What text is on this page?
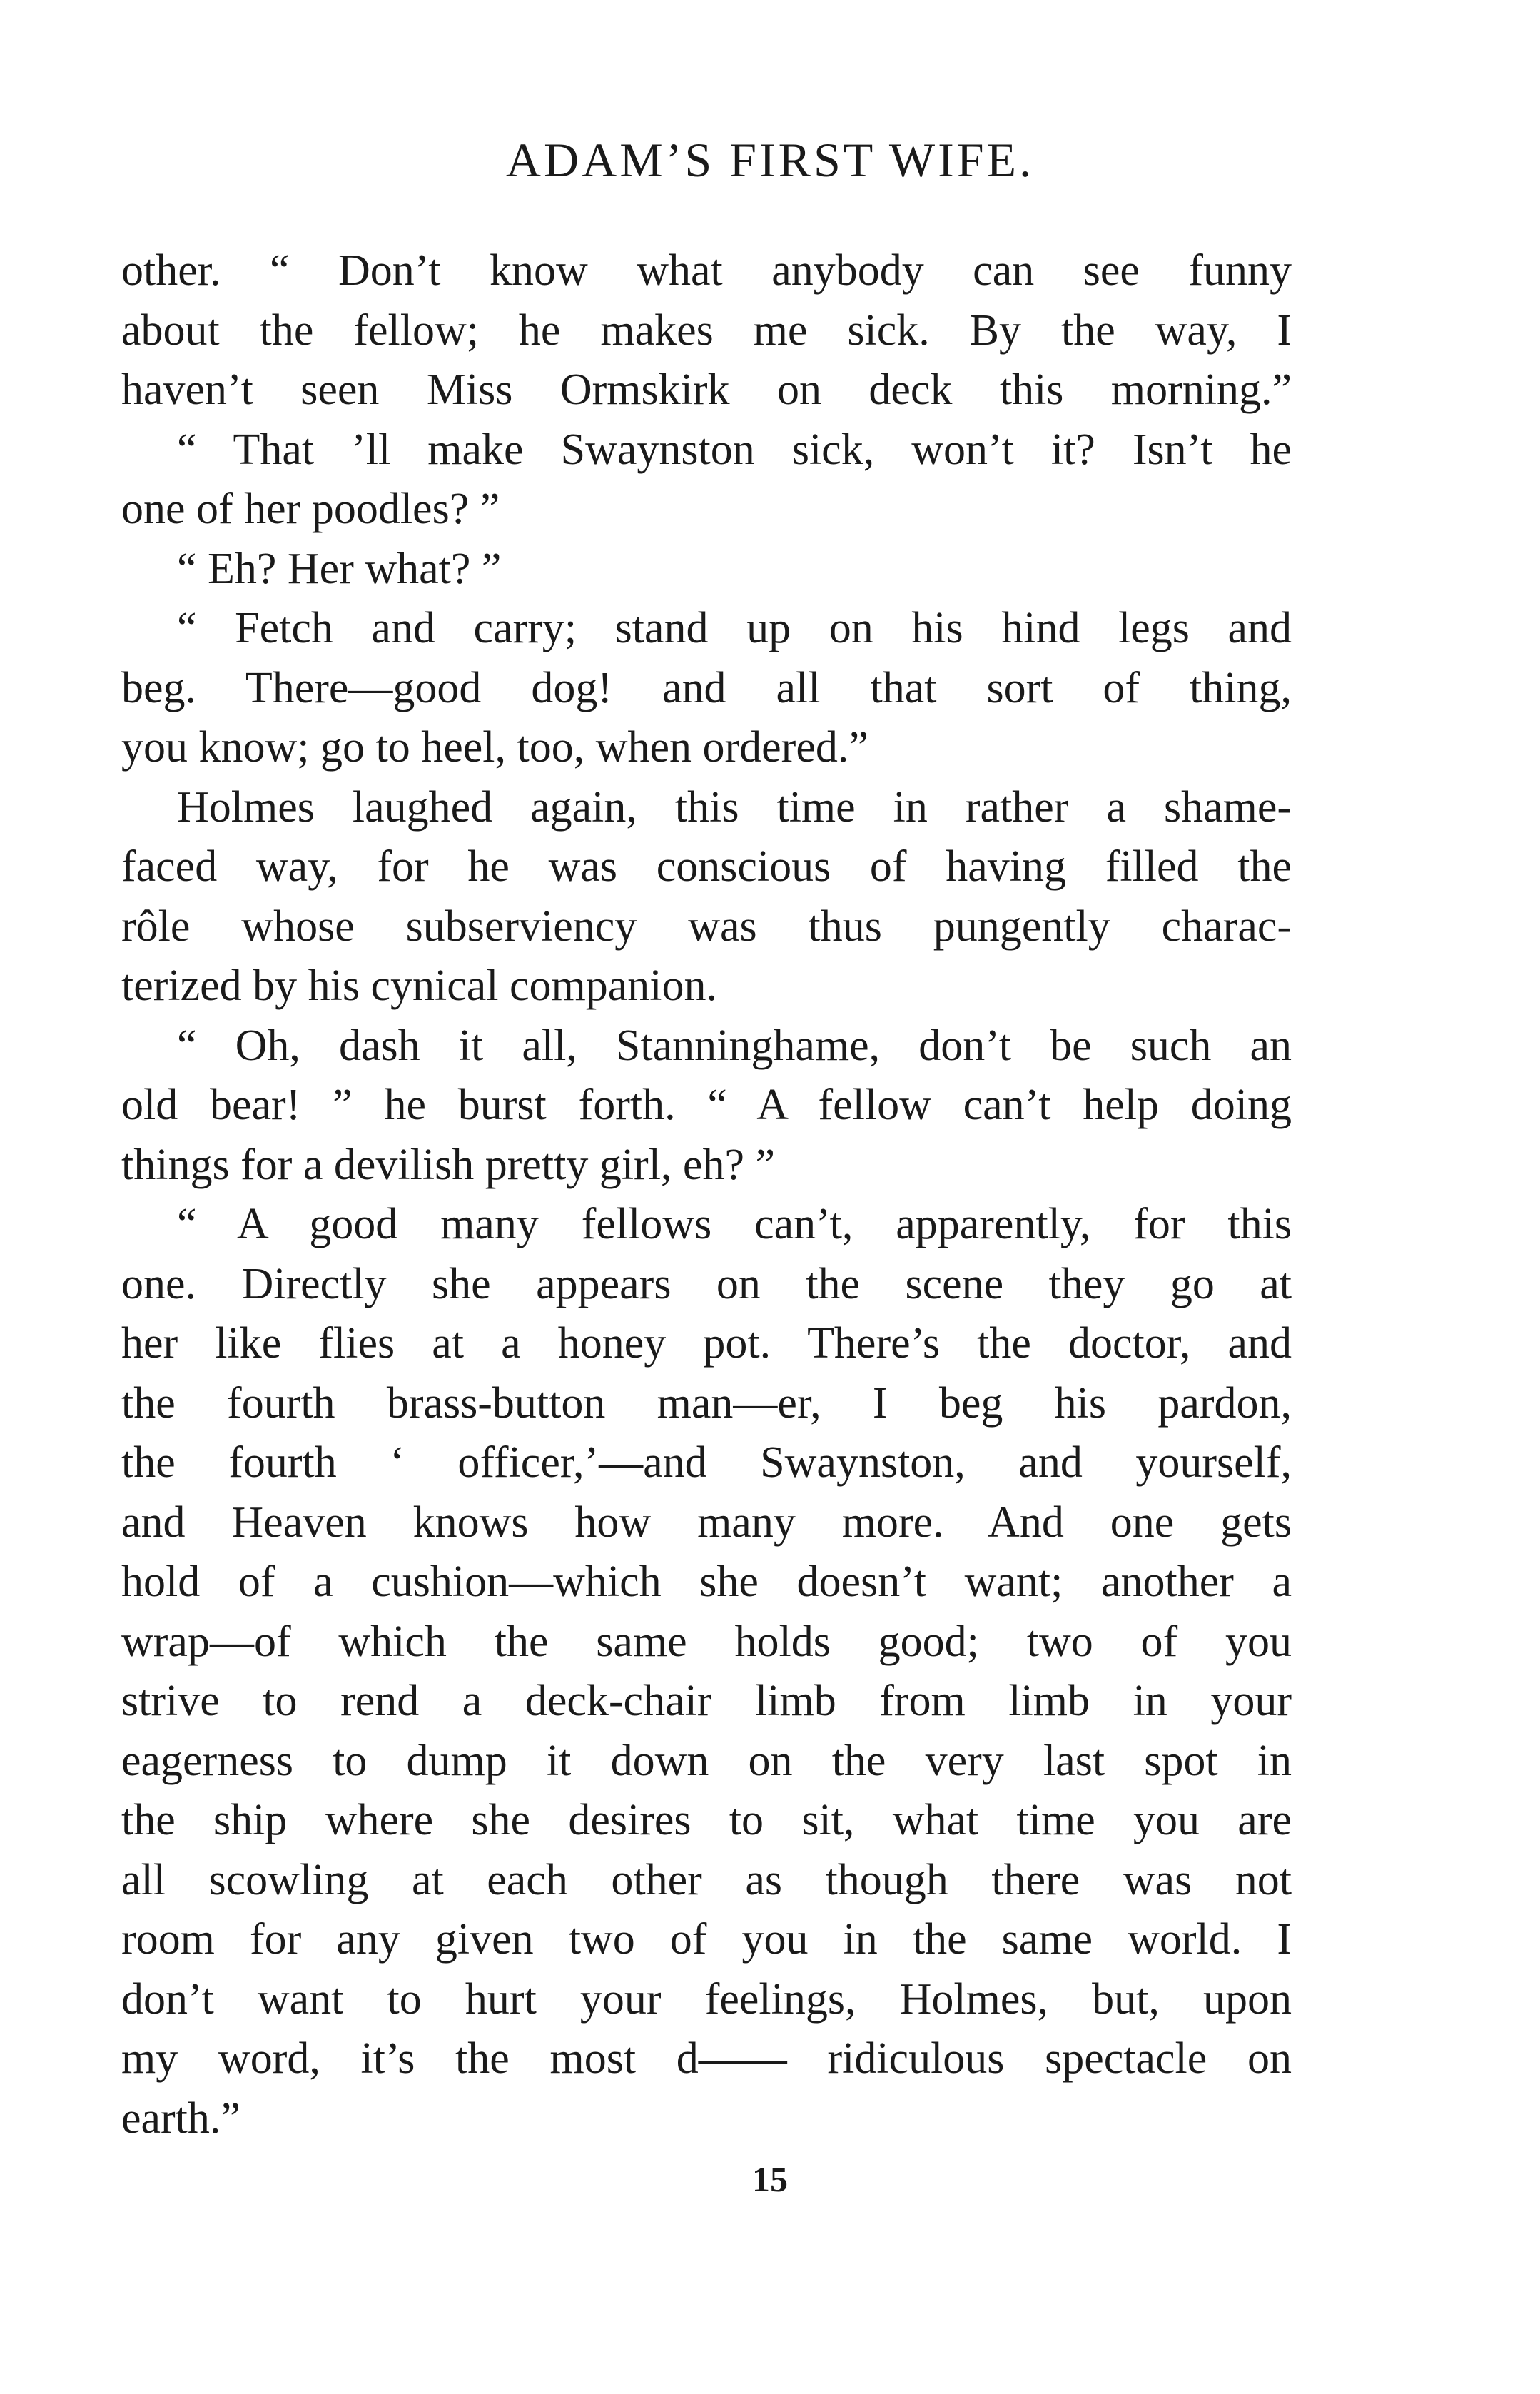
ADAM’S FIRST WIFE.
other. “ Don’t know what anybody can see funny
about the fellow; he makes me sick. By the way, I
haven’t seen Miss Ormskirk on deck this morning.”
“ That ’ll make Swaynston sick, won’t it? Isn’t he
one of her poodles? ”
“ Eh? Her what? ”
“ Fetch and carry; stand up on his hind legs and
beg. There—good dog! and all that sort of thing,
you know; go to heel, too, when ordered.”
Holmes laughed again, this time in rather a shame-
faced way, for he was conscious of having filled the
rôle whose subserviency was thus pungently charac-
terized by his cynical companion.
“ Oh, dash it all, Stanninghame, don’t be such an
old bear! ” he burst forth. “ A fellow can’t help doing
things for a devilish pretty girl, eh? ”
“ A good many fellows can’t, apparently, for this
one. Directly she appears on the scene they go at
her like flies at a honey pot. There’s the doctor, and
the fourth brass-button man—er, I beg his pardon,
the fourth ‘ officer,’—and Swaynston, and yourself,
and Heaven knows how many more. And one gets
hold of a cushion—which she doesn’t want; another a
wrap—of which the same holds good; two of you
strive to rend a deck-chair limb from limb in your
eagerness to dump it down on the very last spot in
the ship where she desires to sit, what time you are
all scowling at each other as though there was not
room for any given two of you in the same world. I
don’t want to hurt your feelings, Holmes, but, upon
my word, it’s the most d—— ridiculous spectacle on
earth.”
15
